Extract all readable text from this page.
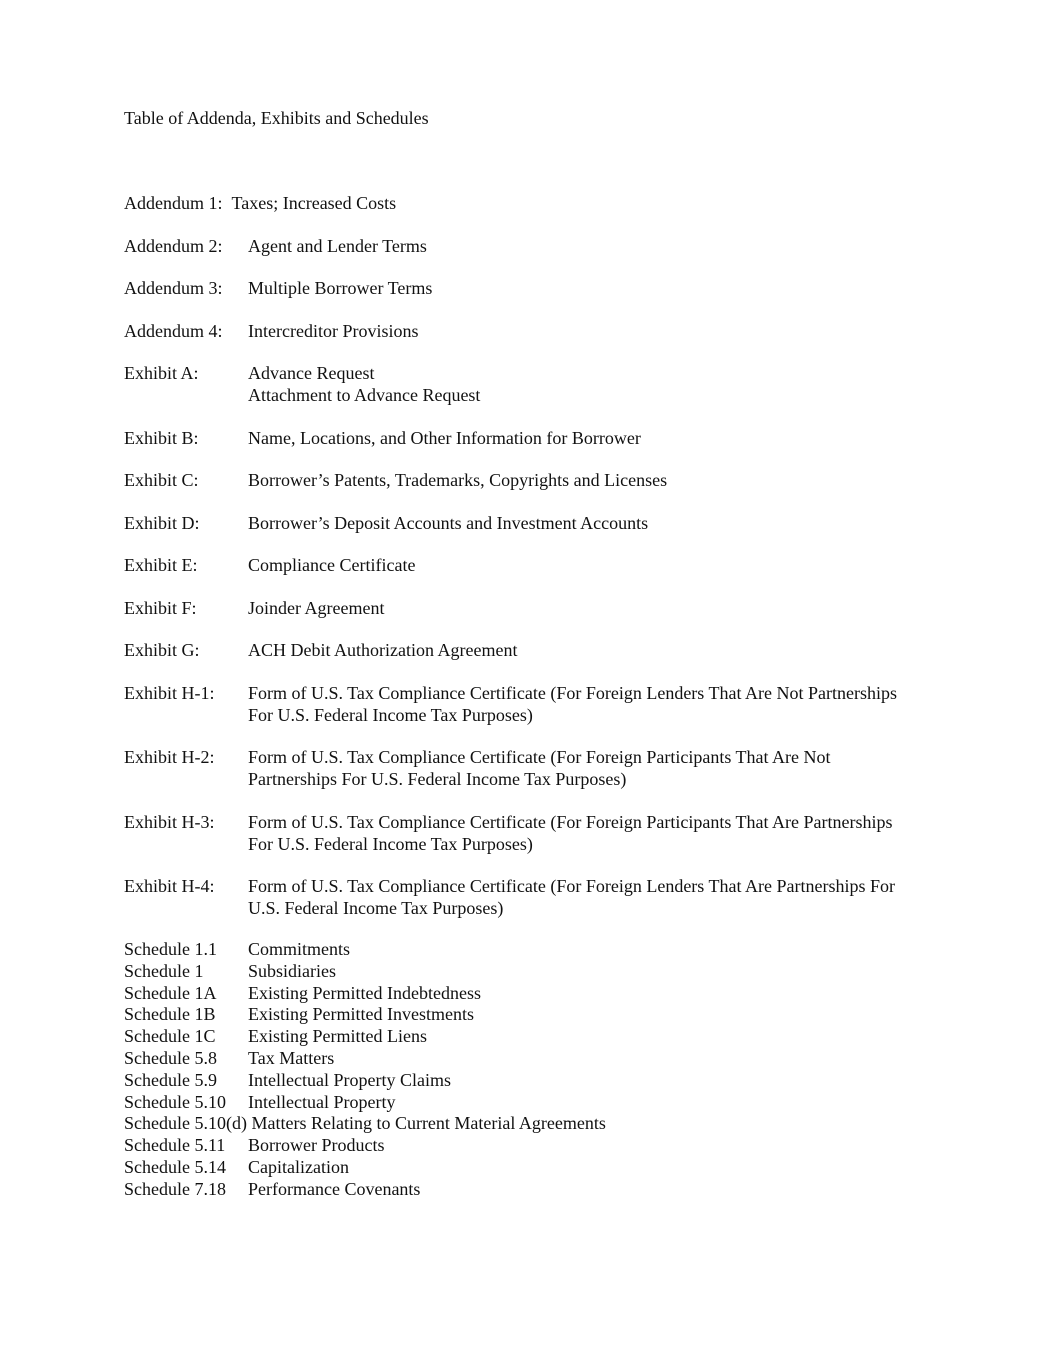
Table of Addenda, Exhibits and Schedules
Addendum 1: Taxes; Increased Costs
Addendum 2: Agent and Lender Terms
Addendum 3: Multiple Borrower Terms
Addendum 4: Intercreditor Provisions
Exhibit A:	Advance Request
Attachment to Advance Request
Exhibit B:	Name, Locations, and Other Information for Borrower
Exhibit C:	Borrower’s Patents, Trademarks, Copyrights and Licenses
Exhibit D:	Borrower’s Deposit Accounts and Investment Accounts
Exhibit E:	Compliance Certificate
Exhibit F:	Joinder Agreement
Exhibit G:	ACH Debit Authorization Agreement
Exhibit H-1: Form of U.S. Tax Compliance Certificate (For Foreign Lenders That Are Not Partnerships
For U.S. Federal Income Tax Purposes)
Exhibit H-2: Form of U.S. Tax Compliance Certificate (For Foreign Participants That Are Not
Partnerships For U.S. Federal Income Tax Purposes)
Exhibit H-3: Form of U.S. Tax Compliance Certificate (For Foreign Participants That Are Partnerships
For U.S. Federal Income Tax Purposes)
Exhibit H-4: Form of U.S. Tax Compliance Certificate (For Foreign Lenders That Are Partnerships For
U.S. Federal Income Tax Purposes)
Schedule 1.1 Commitments
Schedule 1 Subsidiaries
Schedule 1A Existing Permitted Indebtedness
Schedule 1B Existing Permitted Investments
Schedule 1C Existing Permitted Liens
Schedule 5.8 Tax Matters
Schedule 5.9 Intellectual Property Claims
Schedule 5.10 Intellectual Property
Schedule 5.10(d) Matters Relating to Current Material Agreements
Schedule 5.11 Borrower Products
Schedule 5.14 Capitalization
Schedule 7.18 Performance Covenants
